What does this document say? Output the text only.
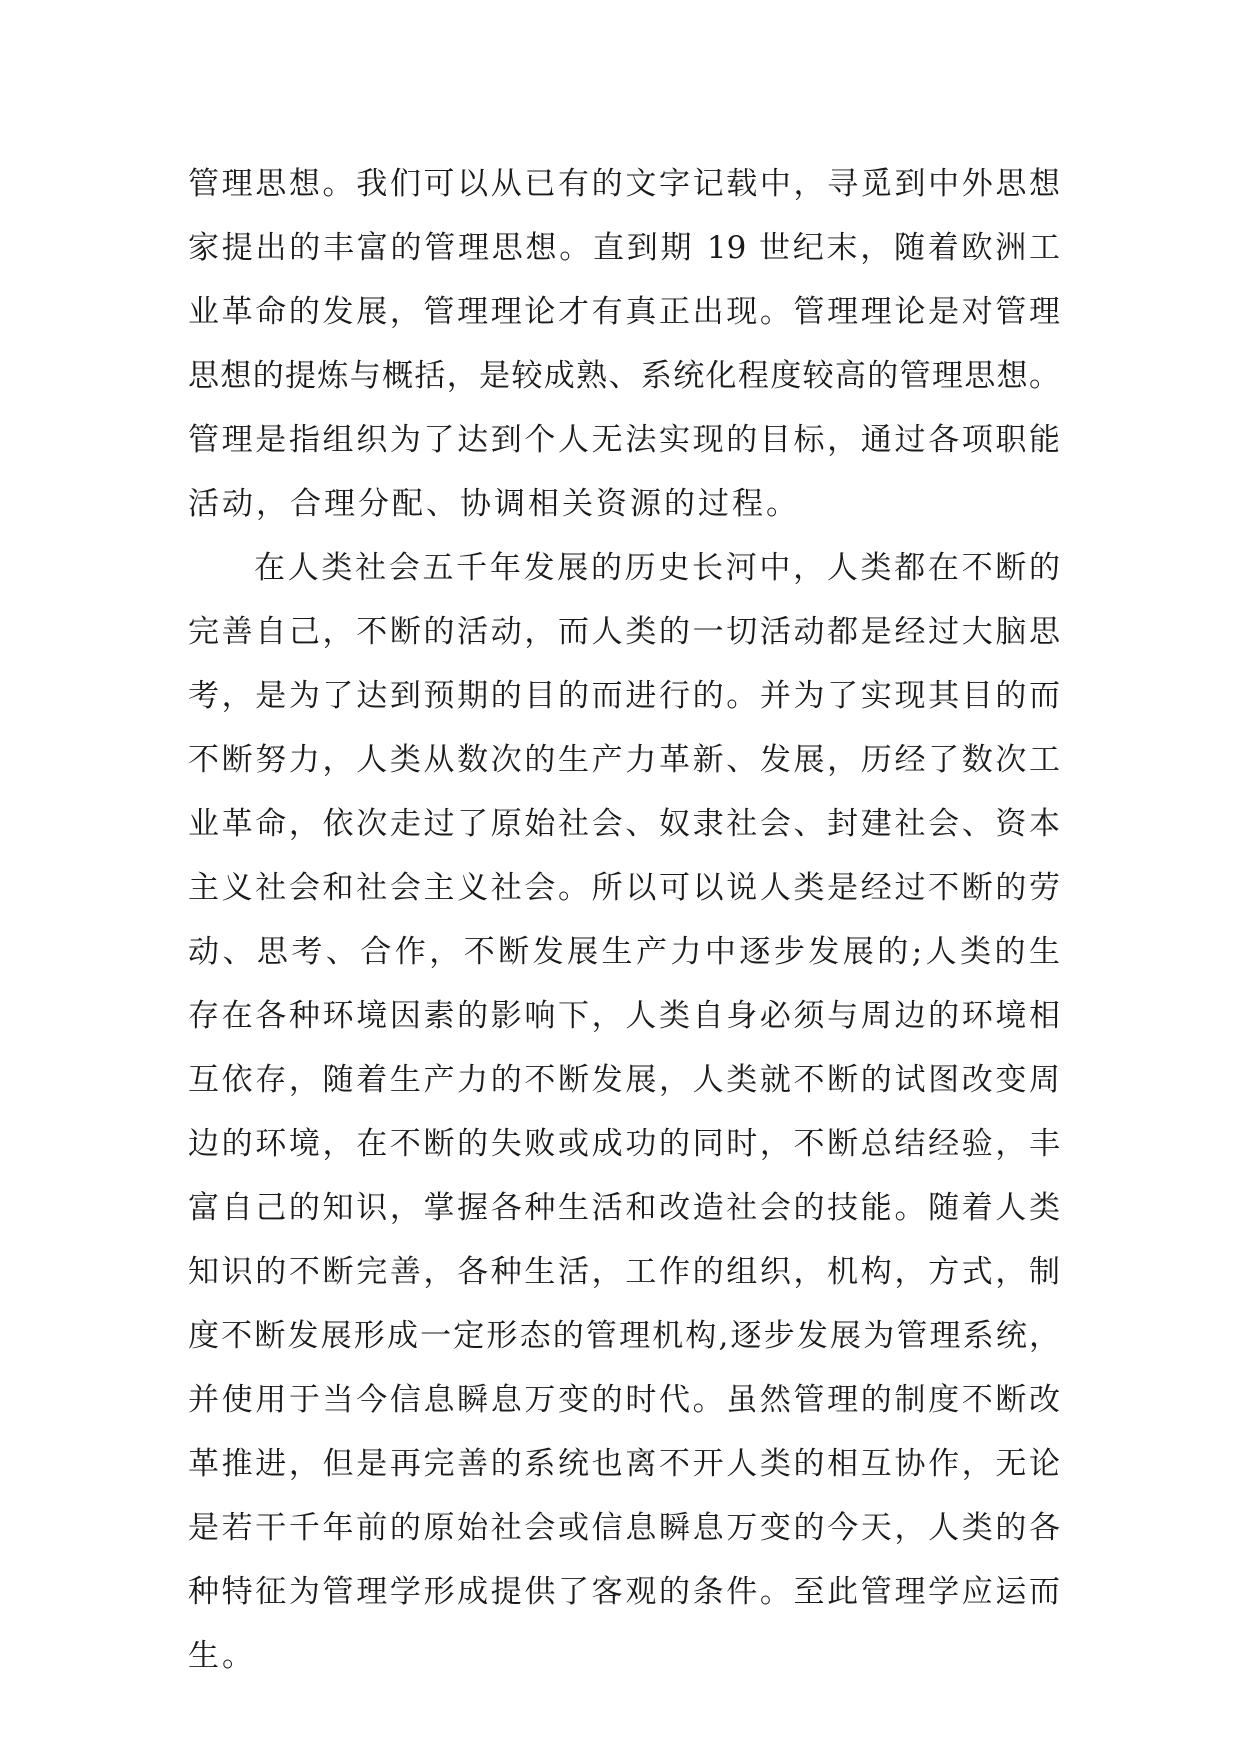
管理思想。我们可以从已有的文字记载中，寻觅到中外思想
家提出的丰富的管理思想。直到期 19 世纪末，随着欧洲工
业革命的发展，管理理论才有真正出现。管理理论是对管理
思想的提炼与概括，是较成熟、系统化程度较高的管理思想。
管理是指组织为了达到个人无法实现的目标，通过各项职能
活动，合理分配、协调相关资源的过程。
在人类社会五千年发展的历史长河中，人类都在不断的
完善自己，不断的活动，而人类的一切活动都是经过大脑思
考，是为了达到预期的目的而进行的。并为了实现其目的而
不断努力，人类从数次的生产力革新、发展，历经了数次工
业革命，依次走过了原始社会、奴隶社会、封建社会、资本
主义社会和社会主义社会。所以可以说人类是经过不断的劳
动、思考、合作，不断发展生产力中逐步发展的;人类的生
存在各种环境因素的影响下，人类自身必须与周边的环境相
互依存，随着生产力的不断发展，人类就不断的试图改变周
边的环境，在不断的失败或成功的同时，不断总结经验，丰
富自己的知识，掌握各种生活和改造社会的技能。随着人类
知识的不断完善，各种生活，工作的组织，机构，方式，制
度不断发展形成一定形态的管理机构,逐步发展为管理系统，
并使用于当今信息瞬息万变的时代。虽然管理的制度不断改
革推进，但是再完善的系统也离不开人类的相互协作，无论
是若干千年前的原始社会或信息瞬息万变的今天，人类的各
种特征为管理学形成提供了客观的条件。至此管理学应运而
生。
